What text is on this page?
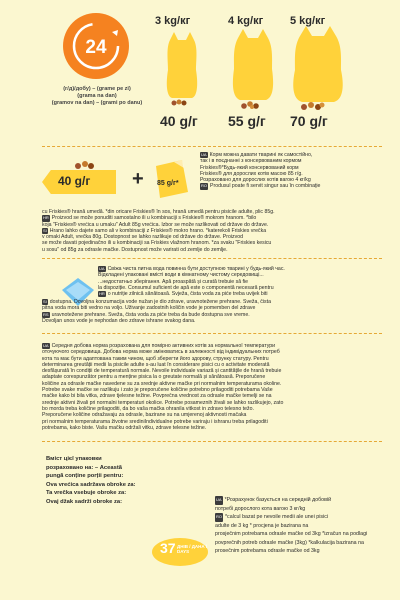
24
(г/д)/добу) – (grame pe zi)
(grama na dan)
(gramov na dan) – (grami po danu)
3 kg/кг	4 kg/кг 5 kg/кг
40 g/г 55 g/г 70 g/г
40 g/г + 85 g/г*
UA Корм можна давати тварині як самостійно,
так і в поєднанні з консервованим кормом
Friskies®*Будь-який консервований корм
Friskies® для дорослих котів масою 85 г/g.
Розраховано для дорослих котів вагою 4 кг/kg
RO Produsul poate fi servit singur sau în combinaţie
cu Friskies® hrană umedă. *din oricare Friskies® în sos, hrană umedă pentru pisicile adulte, plic 85g.
HR Proizvod se može ponuditi samostalno ili u kombinaciji s Friskies® mokrom hranom. *bilo
koja "Friskies® vrećica u umaku" Adult 85g vrećica. Izbor se može razlikovati od države do države.
SI Hrano lahko dajete samo ali v kombinaciji z Friskies® mokro hrano. *katerekoli Friskies vrečka
v omaki Adult, vrečka 80g. Dostopnost se lahko razlikuje od države do države. Proizvod
se može davati pojedinačno ili u kombinaciji sa Friskies vlažnom hranom. *za svaku "Friskies kesicu
u sosu" od 85g za odrasle mačke. Dostupnost može varirati od zemlje do zemlje.
UA Свіжа чиста питна вода повинна бути доступною тварині у будь-який час.
Відкладені упаковані вмісті води в кімнатному чистому середовищі...
...недостатньо зберігання. Apă proaspătă și curată trebuie să fie
la dispoziție. Consumul suficient de apă este o componentă necesară pentru
HR o nutriție zilnică sănătoasă. Svježa, čista voda za piće treba uvijek biti
SI dostupna. Dovoljna konzumacija vode nužan je dio zdrave, uravnotežene prehrane. Sveža, čista
pitna voda mora biti vedno na voljo. Uživanje zadostnih količin vode je pomemben del zdrave
RS uravnotežene prehrane. Sveža, čista voda za piće treba da bude dostupna sve vreme.
Dovoljan unos vode je nephodan deo zdrave ishrane svakog dana.
UA Середня добова норма розрахована для помірно активних котів за нормальної температури
оточуючого середовища. Добова норма може змінюватись в залежності від індивідуальних потреб
кота та має бути адаптована таким чином, щоб зберегти його здорову, струнку статуру. Pentru
determinarea greutății medii la pisicile adulte s-au luat în considerare pisici cu o activitate moderată
desfășurată în condiții de temperatură normale. Nevoile individuale variază și cantitățile de hrană trebuie
adaptate corespunzător pentru a menține pisica la o greutate normală și sănătoasă. Preporučene
količine za odrasle mačke navedene su za srednje aktivne mačke pri normalnim temperaturama okoline.
Potrebe svake mačke se razlikuju i zato je preporučene količine potrebno prilagoditi potrebama Vaše
mačke kako bi bila vitka, zdrave tjelesne težine. Povprečna vrednost za odrasle mačke temelji se na
srednje aktivni živali pri normalni temperaturi okolice. Potrebe posameznih živali se lahko razlikujejo, zato
bo morda treba količine prilagoditi, da bo vaša mačka ohranila vitkost in zdravo telesno težo.
Preporučene količine odražavaju za odrasle, bazirane su na umjerenoj aktivnosti mačaka
pri normalnim temperaturama životne srediniIndividualne potrebe variraju i ishranu treba prilagoditi
potrebama, kako biste. Vašu mačku održali vitku, zdrave telesne težine.
Вміст цієї упаковки
розраховано на: – Această
pungă conține porții pentru:
Ova vrećica sadržava obroke za:
Ta vrečka vsebuje obroke za:
Ovaj džak sadrži obroke za:
37 ДНІВ / ДАНА / DAYS
UA *Розрахунок базується на середній добовій
потребі дорослого кота вагою 3 кг/kg
RO *calcul bazat pe nevoile medii ale unei pisici
adulte de 3 kg * procjena je bazirana na
prosječnim potrebama odrasle mačke od 3kg *izračun na podlagi
povprečnih potreb odrasle mačke (3kg) *kalkulacija bazirana na
prosečnim potrebama odrasle mačke od 3kg
